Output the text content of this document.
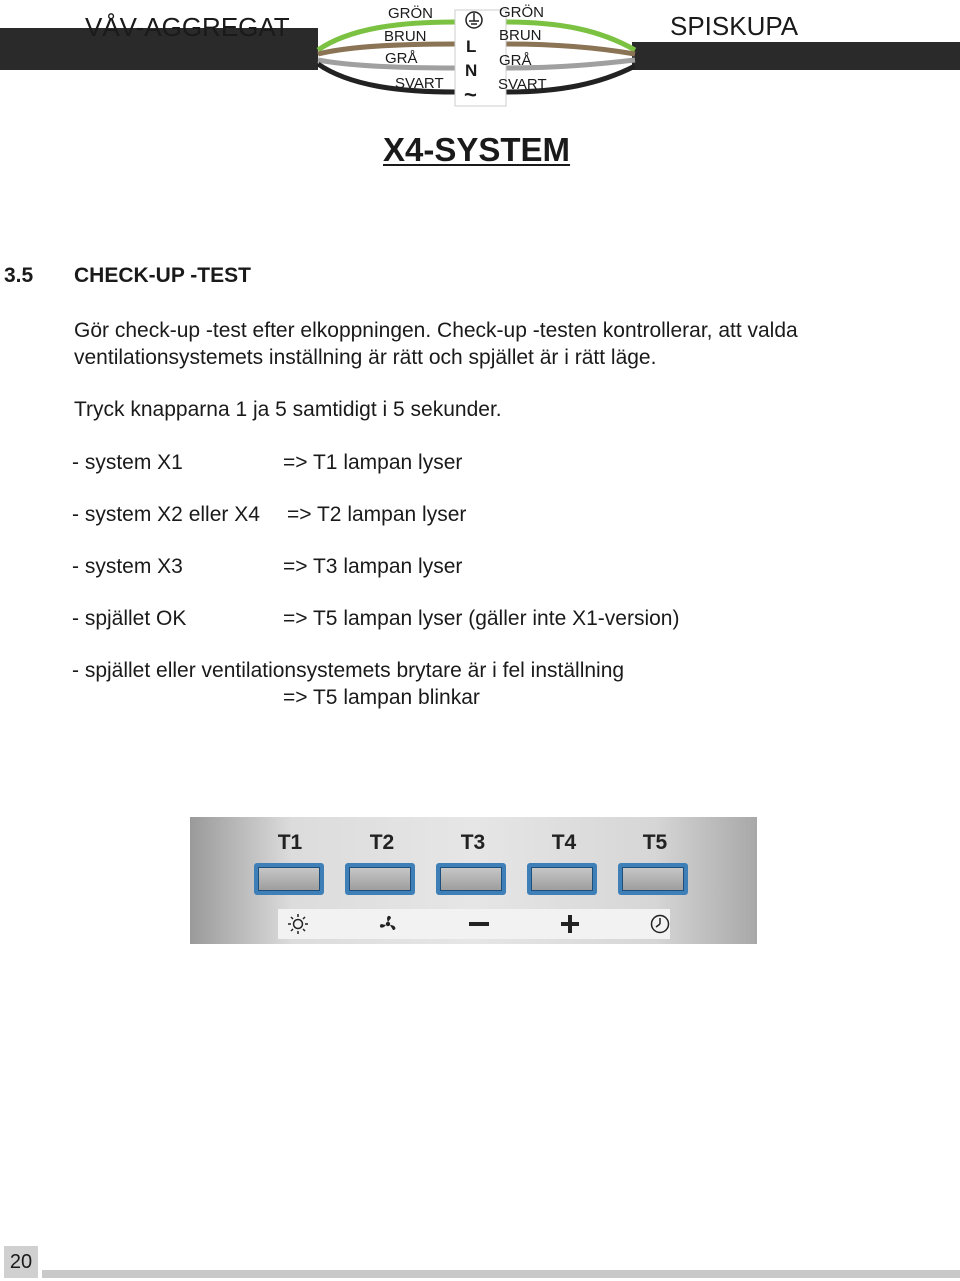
VÅV-AGGREGAT	SPISKUPA
GRÖN
BRUN
GRÅ
SVART
GRÖN
BRUN
GRÅ
SVART
L
N
~
X4-SYSTEM
3.5 CHECK-UP -TEST
Gör check-up -test efter elkoppningen. Check-up -testen kontrollerar, att valda
ventilationsystemets inställning är rätt och spjället är i rätt läge.
Tryck knapparna 1 ja 5 samtidigt i 5 sekunder.
- system X1	=> T1 lampan lyser
- system X2 eller X4 => T2 lampan lyser
- system X3	=> T3 lampan lyser
- spjället OK	=> T5 lampan lyser (gäller inte X1-version)
- spjället eller ventilationsystemets brytare är i fel inställning
=> T5 lampan blinkar
T1	T2	T3	T4	T5
20
